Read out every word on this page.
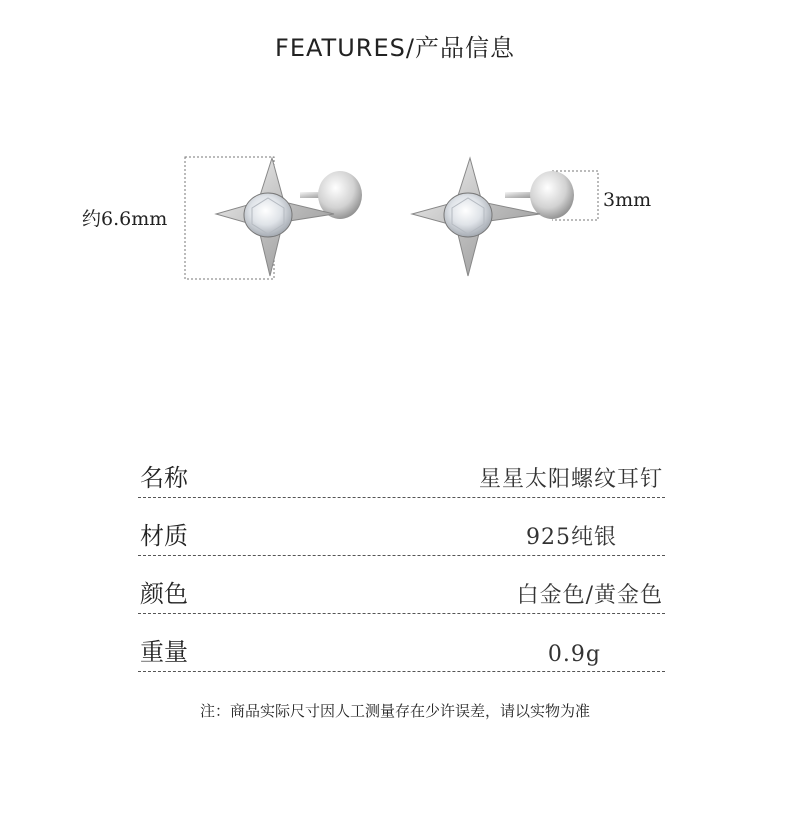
FEATURES/产品信息
约6.6mm
3mm
名称	星星太阳螺纹耳钉
材质	925纯银
颜色	白金色/黄金色
重量	0.9g
注：商品实际尺寸因人工测量存在少许误差，请以实物为准
